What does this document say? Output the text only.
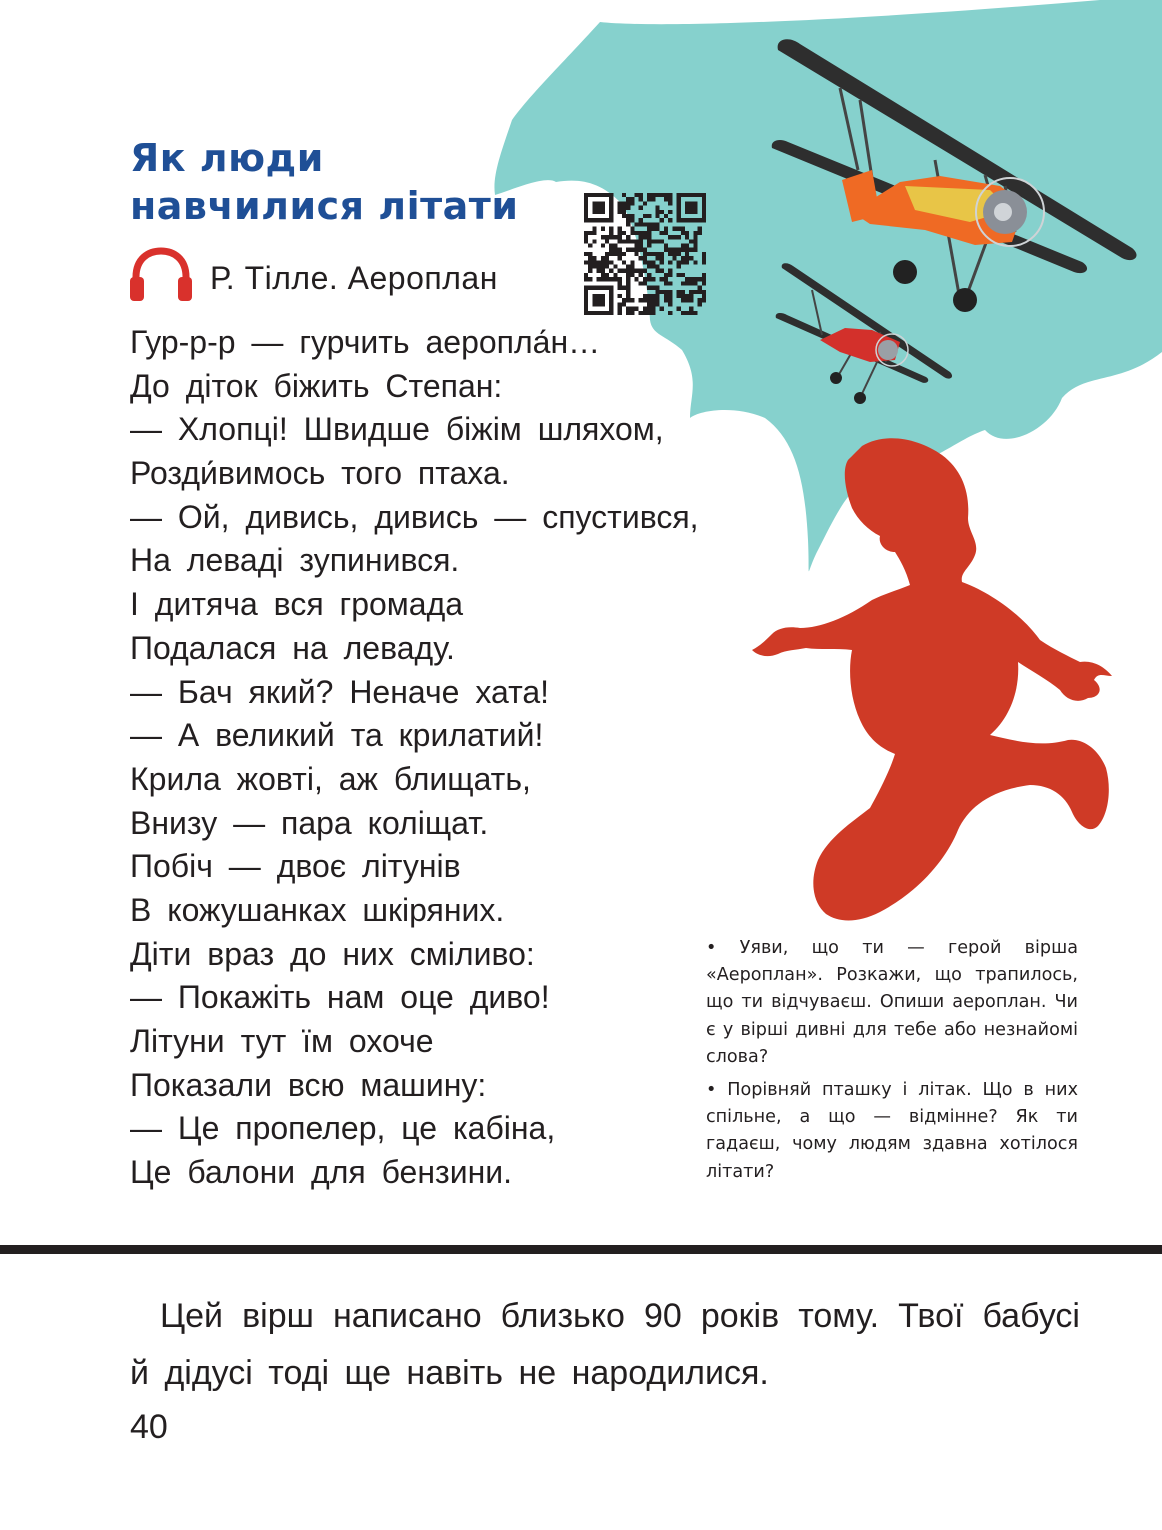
Як люди
навчилися літати
Р. Тілле. Аероплан
Гур-р-р — гурчить аеропла́н…
До діток біжить Степан:
— Хлопці! Швидше біжім шляхом,
Розди́вимось того птаха.
— Ой, дивись, дивись — спустився,
На леваді зупинився.
І дитяча вся громада
Подалася на леваду.
— Бач який? Неначе хата!
— А великий та крилатий!
Крила жовті, аж блищать,
Внизу — пара коліщат.
Побіч — двоє літунів
В кожушанках шкіряних.
Діти враз до них сміливо:
— Покажіть нам оце диво!
Літуни тут їм охоче
Показали всю машину:
— Це пропелер, це кабіна,
Це балони для бензини.
• Уяви, що ти — герой вірша «Аероплан». Розкажи, що трапилось, що ти відчуваєш. Опиши аероплан. Чи є у вірші дивні для тебе або незнайомі слова?
• Порівняй пташку і літак. Що в них спільне, а що — відмінне? Як ти гадаєш, чому людям здавна хотілося літати?

Цей вірш написано близько 90 років тому. Твої бабусі й дідусі тоді ще навіть не народилися.

40
